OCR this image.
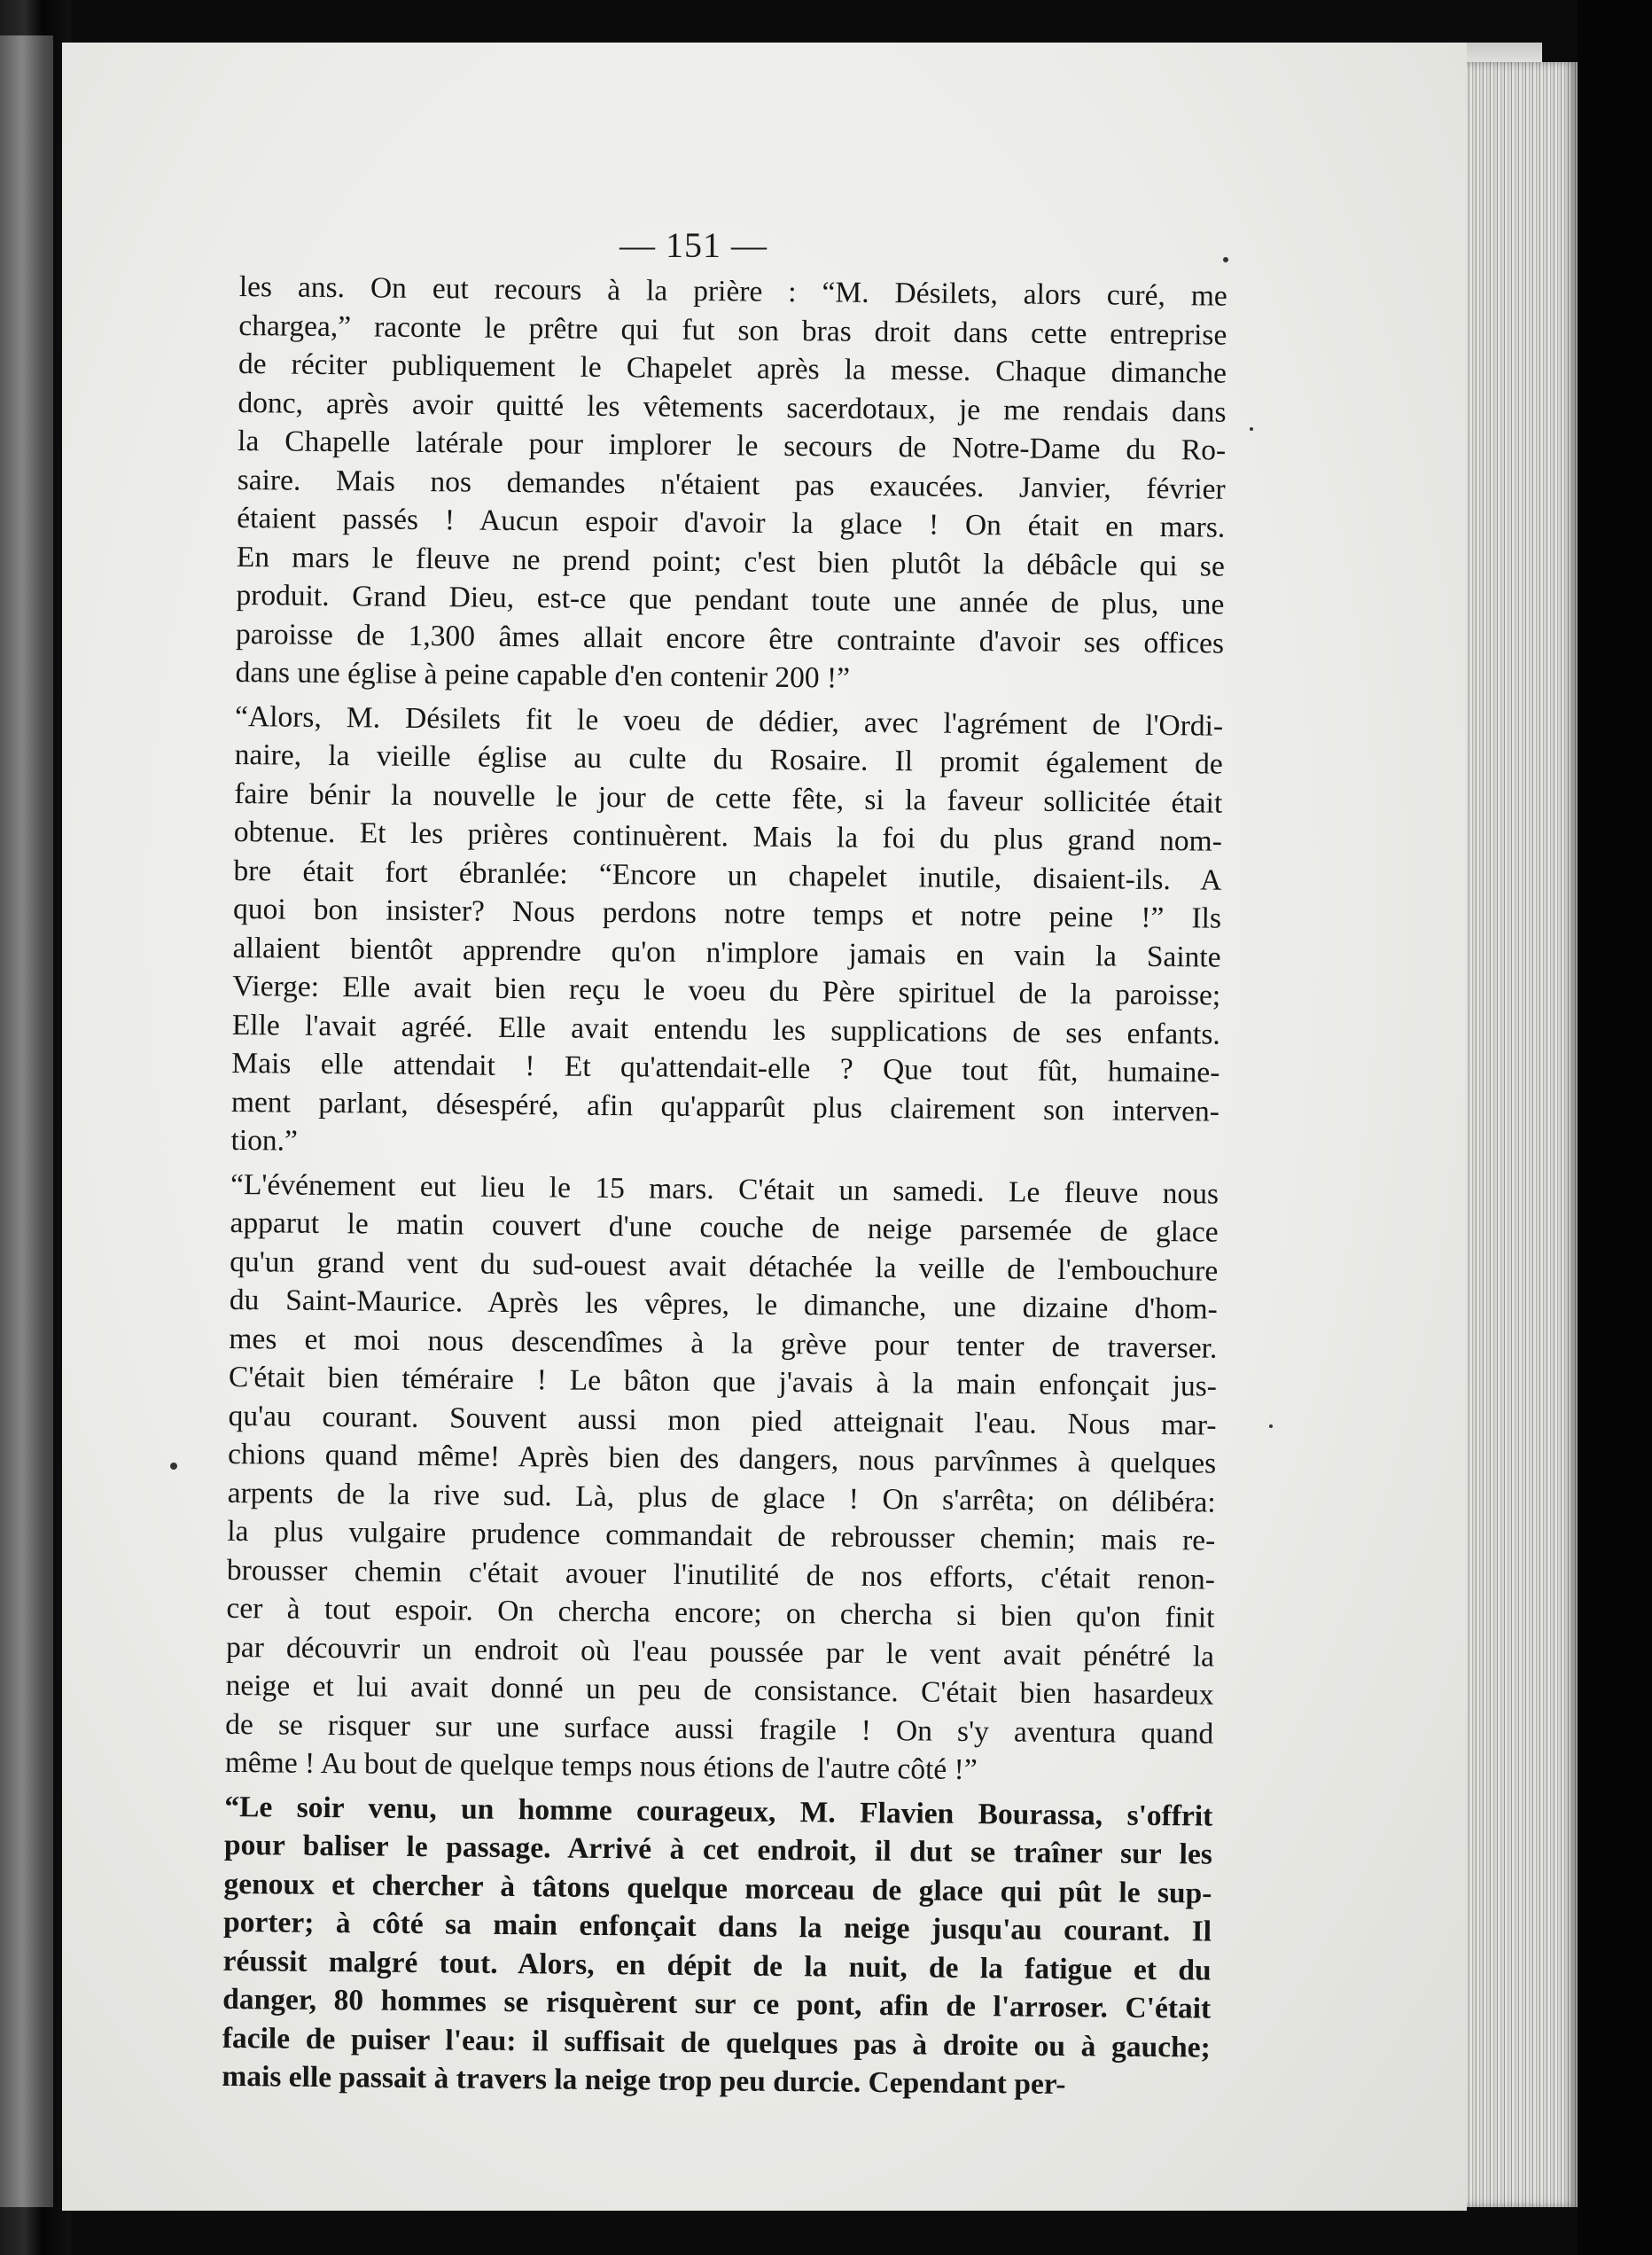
— 151 —
les ans. On eut recours à la prière : “M. Désilets, alors curé, me
chargea,” raconte le prêtre qui fut son bras droit dans cette entreprise
de réciter publiquement le Chapelet après la messe. Chaque dimanche
donc, après avoir quitté les vêtements sacerdotaux, je me rendais dans
la Chapelle latérale pour implorer le secours de Notre-Dame du Ro-
saire. Mais nos demandes n'étaient pas exaucées. Janvier, février
étaient passés ! Aucun espoir d'avoir la glace ! On était en mars.
En mars le fleuve ne prend point; c'est bien plutôt la débâcle qui se
produit. Grand Dieu, est-ce que pendant toute une année de plus, une
paroisse de 1,300 âmes allait encore être contrainte d'avoir ses offices
dans une église à peine capable d'en contenir 200 !”
“Alors, M. Désilets fit le voeu de dédier, avec l'agrément de l'Ordi-
naire, la vieille église au culte du Rosaire. Il promit également de
faire bénir la nouvelle le jour de cette fête, si la faveur sollicitée était
obtenue. Et les prières continuèrent. Mais la foi du plus grand nom-
bre était fort ébranlée: “Encore un chapelet inutile, disaient-ils. A
quoi bon insister? Nous perdons notre temps et notre peine !” Ils
allaient bientôt apprendre qu'on n'implore jamais en vain la Sainte
Vierge: Elle avait bien reçu le voeu du Père spirituel de la paroisse;
Elle l'avait agréé. Elle avait entendu les supplications de ses enfants.
Mais elle attendait ! Et qu'attendait-elle ? Que tout fût, humaine-
ment parlant, désespéré, afin qu'apparût plus clairement son interven-
tion.”
“L'événement eut lieu le 15 mars. C'était un samedi. Le fleuve nous
apparut le matin couvert d'une couche de neige parsemée de glace
qu'un grand vent du sud-ouest avait détachée la veille de l'embouchure
du Saint-Maurice. Après les vêpres, le dimanche, une dizaine d'hom-
mes et moi nous descendîmes à la grève pour tenter de traverser.
C'était bien téméraire ! Le bâton que j'avais à la main enfonçait jus-
qu'au courant. Souvent aussi mon pied atteignait l'eau. Nous mar-
chions quand même! Après bien des dangers, nous parvînmes à quelques
arpents de la rive sud. Là, plus de glace ! On s'arrêta; on délibéra:
la plus vulgaire prudence commandait de rebrousser chemin; mais re-
brousser chemin c'était avouer l'inutilité de nos efforts, c'était renon-
cer à tout espoir. On chercha encore; on chercha si bien qu'on finit
par découvrir un endroit où l'eau poussée par le vent avait pénétré la
neige et lui avait donné un peu de consistance. C'était bien hasardeux
de se risquer sur une surface aussi fragile ! On s'y aventura quand
même ! Au bout de quelque temps nous étions de l'autre côté !”
“Le soir venu, un homme courageux, M. Flavien Bourassa, s'offrit
pour baliser le passage. Arrivé à cet endroit, il dut se traîner sur les
genoux et chercher à tâtons quelque morceau de glace qui pût le sup-
porter; à côté sa main enfonçait dans la neige jusqu'au courant. Il
réussit malgré tout. Alors, en dépit de la nuit, de la fatigue et du
danger, 80 hommes se risquèrent sur ce pont, afin de l'arroser. C'était
facile de puiser l'eau: il suffisait de quelques pas à droite ou à gauche;
mais elle passait à travers la neige trop peu durcie. Cependant per-
